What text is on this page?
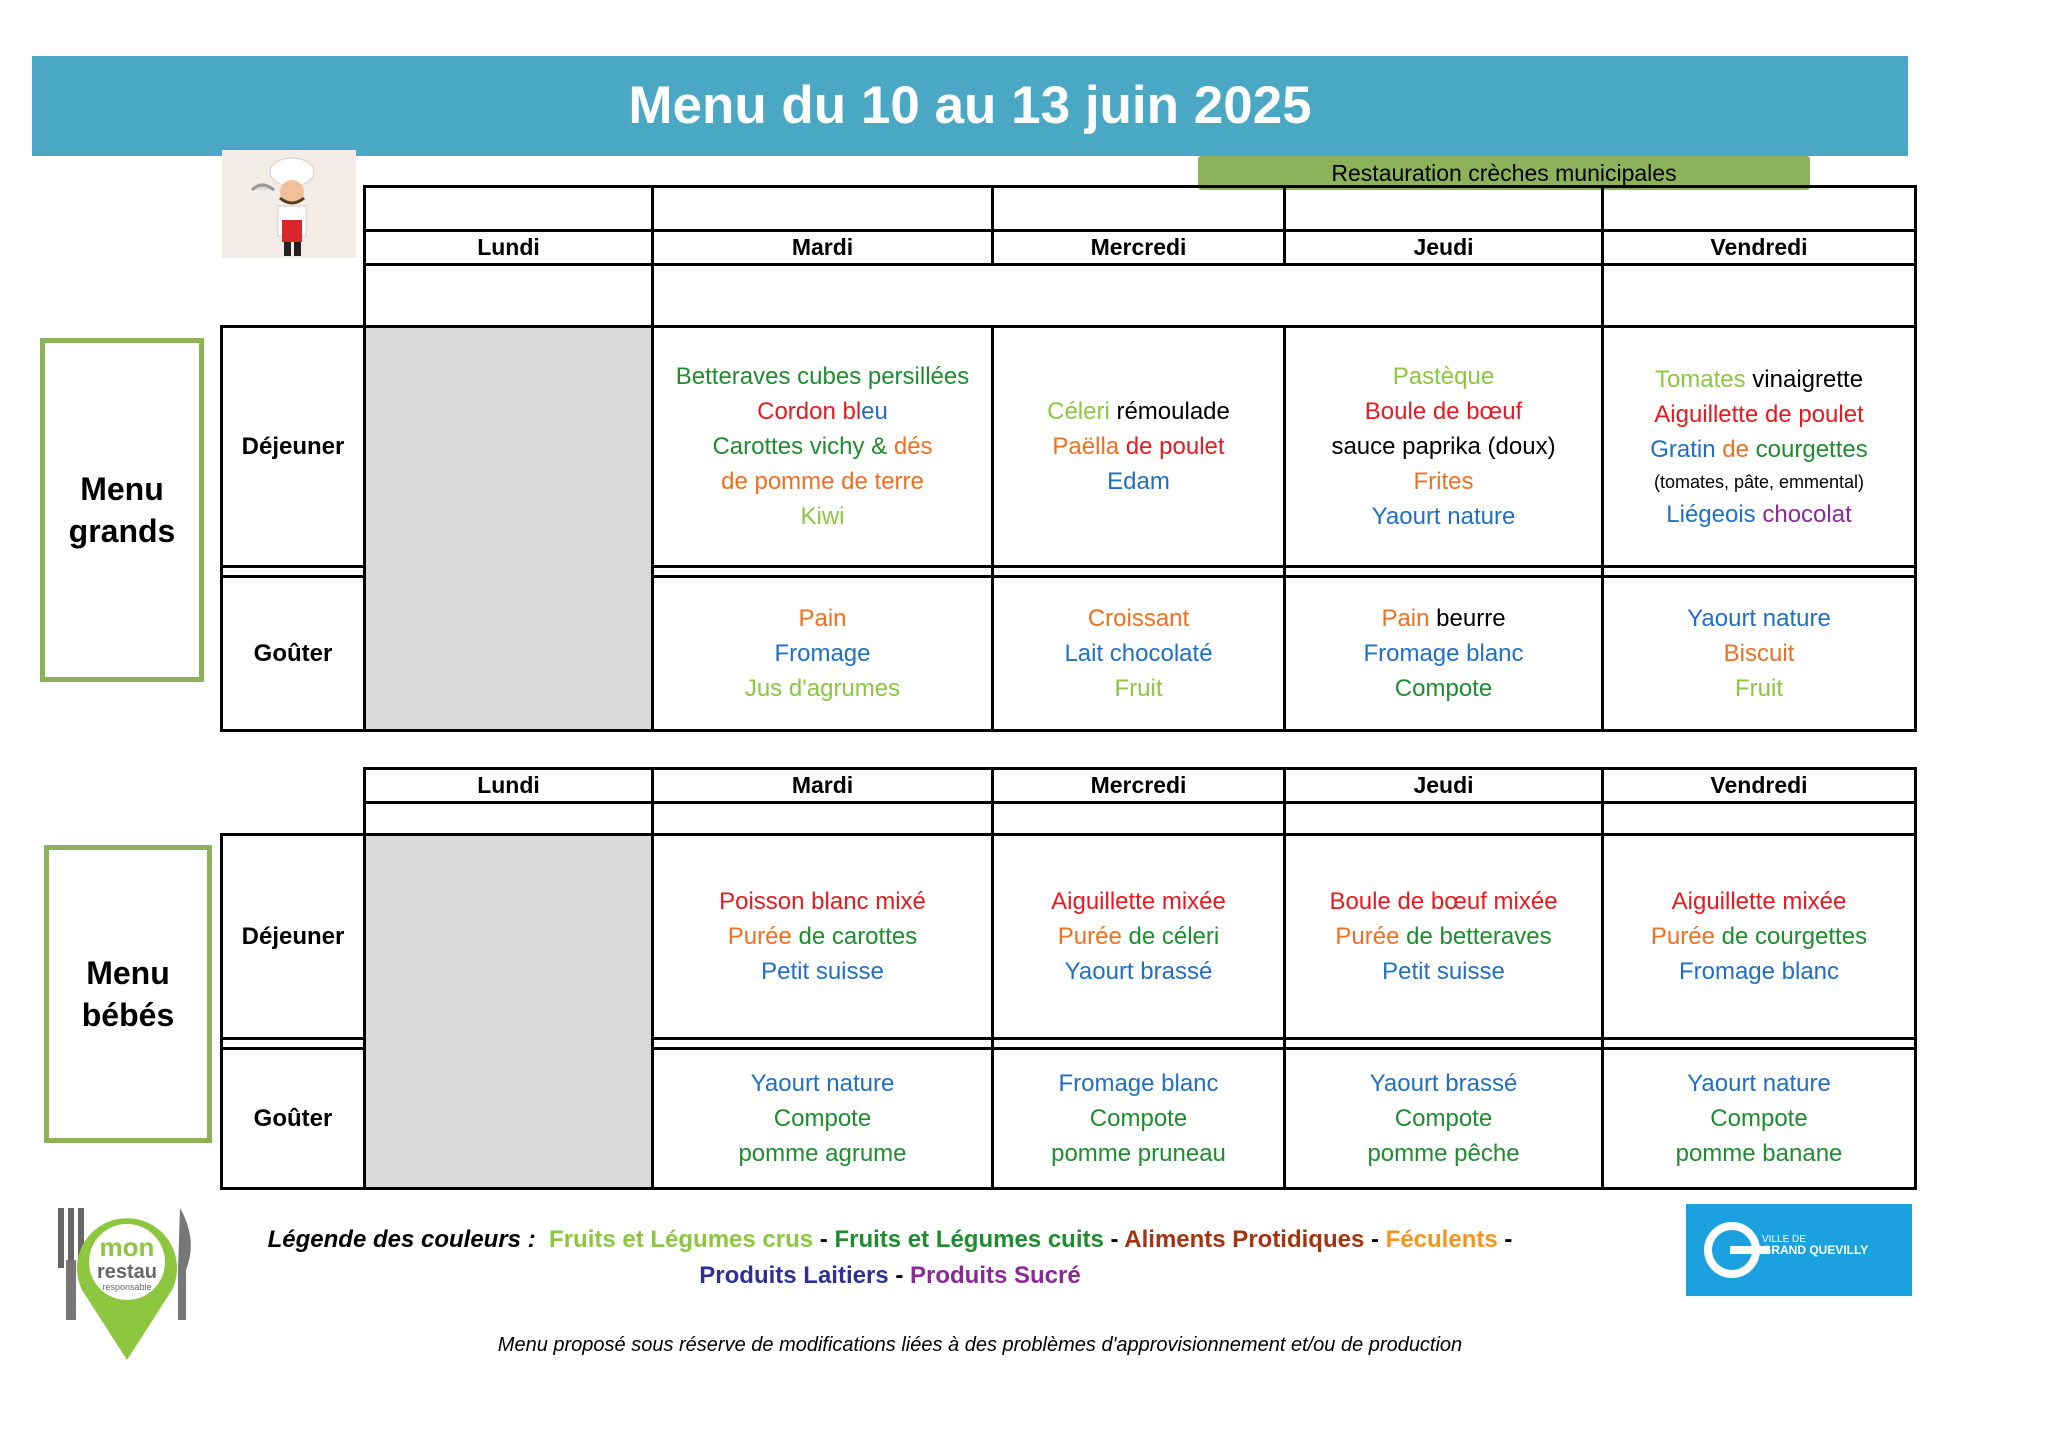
Menu du 10 au 13 juin 2025
Restauration crèches municipales
Menu
grands
Menu
bébés

	Lundi	Mardi	Mercredi	Jeudi	Vendredi

Déjeuner		Betteraves cubes persillées
Cordon bleu
Carottes vichy & dés
de pomme de terre
Kiwi	Céleri rémoulade
Paëlla de poulet
Edam	Pastèque
Boule de bœuf
sauce paprika (doux)
Frites
Yaourt nature	Tomates vinaigrette
Aiguillette de poulet
Gratin de courgettes
(tomates, pâte, emmental)
Liégeois chocolat

Goûter		Pain
Fromage
Jus d'agrumes	Croissant
Lait chocolaté
Fruit	Pain beurre
Fromage blanc
Compote	Yaourt nature
Biscuit
Fruit
	Lundi	Mardi	Mercredi	Jeudi	Vendredi

Déjeuner		Poisson blanc mixé
Purée de carottes
Petit suisse	Aiguillette mixée
Purée de céleri
Yaourt brassé	Boule de bœuf mixée
Purée de betteraves
Petit suisse	Aiguillette mixée
Purée de courgettes
Fromage blanc

Goûter		Yaourt nature
Compote
pomme agrume	Fromage blanc
Compote
pomme pruneau	Yaourt brassé
Compote
pomme pêche	Yaourt nature
Compote
pomme banane
mon
restau
responsable
Légende des couleurs : Fruits et Légumes crus - Fruits et Légumes cuits - Aliments Protidiques - Féculents -
Produits Laitiers - Produits Sucré
VILLE DE
GRAND QUEVILLY
Menu proposé sous réserve de modifications liées à des problèmes d'approvisionnement et/ou de production
